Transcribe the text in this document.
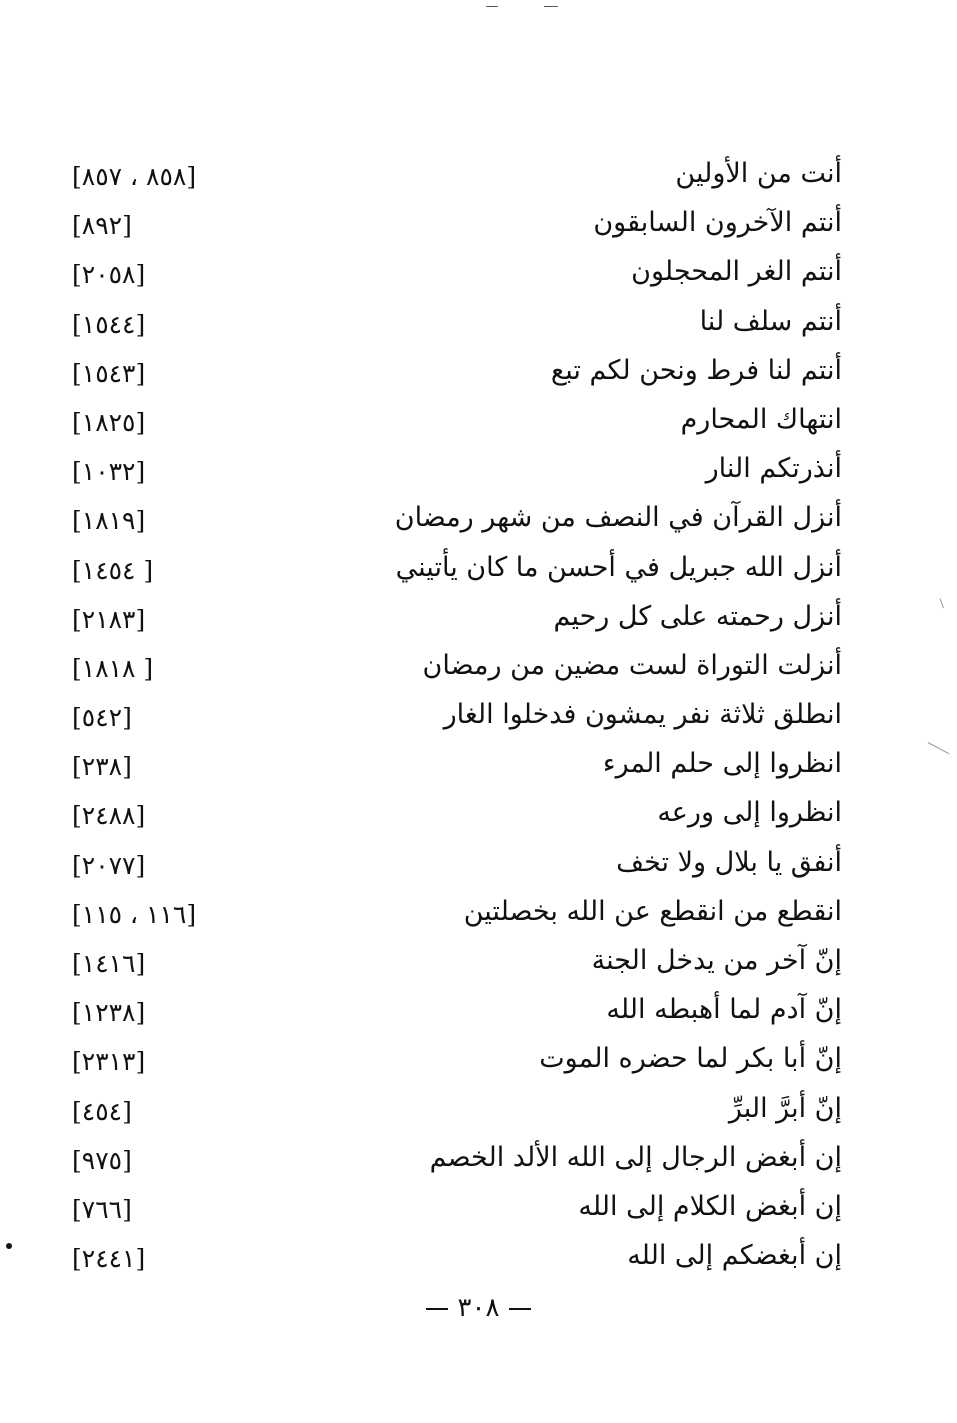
أنت من الأولين
[٨٥٨ ، ٨٥٧]
أنتم الآخرون السابقون
[٨٩٢]
أنتم الغر المحجلون
[٢٠٥٨]
أنتم سلف لنا
[١٥٤٤]
أنتم لنا فرط ونحن لكم تبع
[١٥٤٣]
انتهاك المحارم
[١٨٢٥]
أنذرتكم النار
[١٠٣٢]
أنزل القرآن في النصف من شهر رمضان
[١٨١٩]
أنزل الله جبريل في أحسن ما كان يأتيني
[١٤٥٤ ]
أنزل رحمته على كل رحيم
[٢١٨٣]
أنزلت التوراة لست مضين من رمضان
[١٨١٨ ]
انطلق ثلاثة نفر يمشون فدخلوا الغار
[٥٤٢]
انظروا إلى حلم المرء
[٢٣٨]
انظروا إلى ورعه
[٢٤٨٨]
أنفق يا بلال ولا تخف
[٢٠٧٧]
انقطع من انقطع عن الله بخصلتين
[١١٦ ، ١١٥]
إنّ آخر من يدخل الجنة
[١٤١٦]
إنّ آدم لما أهبطه الله
[١٢٣٨]
إنّ أبا بكر لما حضره الموت
[٢٣١٣]
إنّ أبرَّ البرِّ
[٤٥٤]
إن أبغض الرجال إلى الله الألد الخصم
[٩٧٥]
إن أبغض الكلام إلى الله
[٧٦٦]
إن أبغضكم إلى الله
[٢٤٤١]
٣٠٨
